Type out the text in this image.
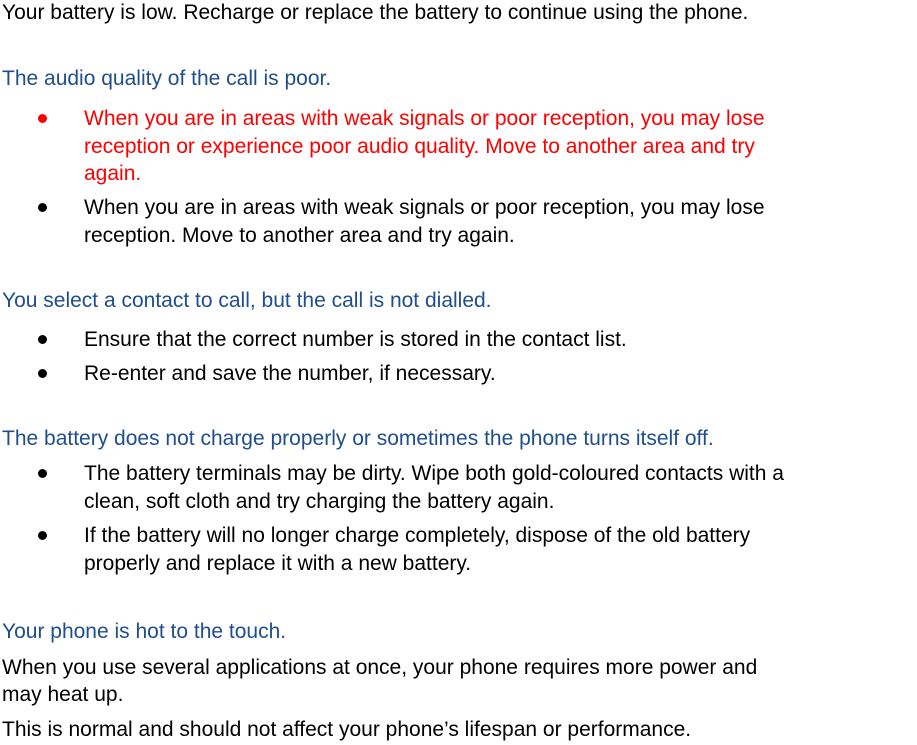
Your battery is low. Recharge or replace the battery to continue using the phone.
The audio quality of the call is poor.
When you are in areas with weak signals or poor reception, you may lose
reception or experience poor audio quality. Move to another area and try
again.
When you are in areas with weak signals or poor reception, you may lose
reception. Move to another area and try again.
You select a contact to call, but the call is not dialled.
Ensure that the correct number is stored in the contact list.
Re-enter and save the number, if necessary.
The battery does not charge properly or sometimes the phone turns itself off.
The battery terminals may be dirty. Wipe both gold-coloured contacts with a
clean, soft cloth and try charging the battery again.
If the battery will no longer charge completely, dispose of the old battery
properly and replace it with a new battery.
Your phone is hot to the touch.
When you use several applications at once, your phone requires more power and
may heat up.
This is normal and should not affect your phone’s lifespan or performance.
